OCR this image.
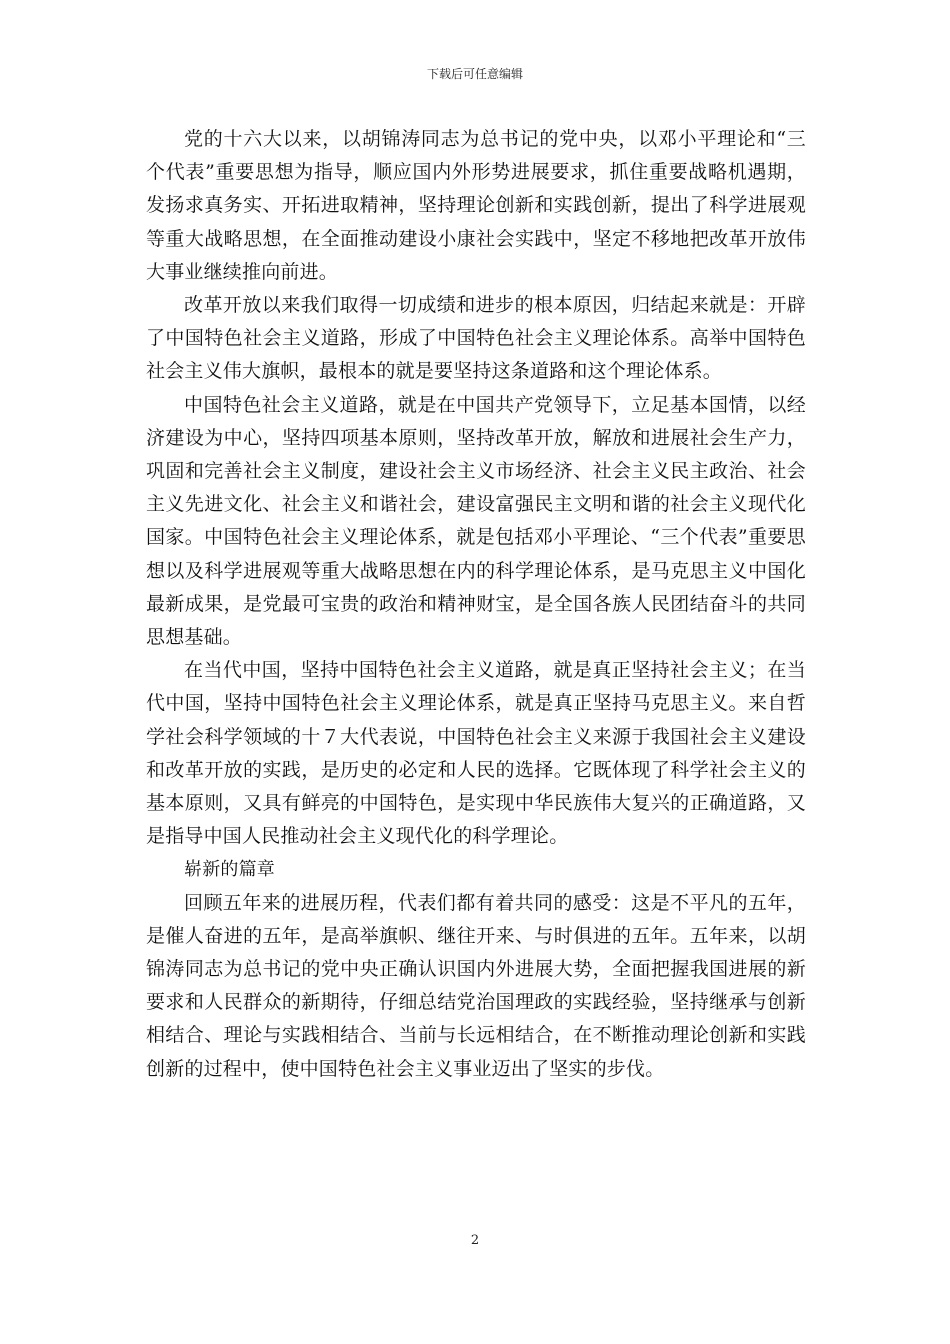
下载后可任意编辑

党的十六大以来，以胡锦涛同志为总书记的党中央，以邓小平理论和“三个代表”重要思想为指导，顺应国内外形势进展要求，抓住重要战略机遇期，发扬求真务实、开拓进取精神，坚持理论创新和实践创新，提出了科学进展观等重大战略思想，在全面推动建设小康社会实践中，坚定不移地把改革开放伟大事业继续推向前进。

改革开放以来我们取得一切成绩和进步的根本原因，归结起来就是：开辟了中国特色社会主义道路，形成了中国特色社会主义理论体系。高举中国特色社会主义伟大旗帜，最根本的就是要坚持这条道路和这个理论体系。

中国特色社会主义道路，就是在中国共产党领导下，立足基本国情，以经济建设为中心，坚持四项基本原则，坚持改革开放，解放和进展社会生产力，巩固和完善社会主义制度，建设社会主义市场经济、社会主义民主政治、社会主义先进文化、社会主义和谐社会，建设富强民主文明和谐的社会主义现代化国家。中国特色社会主义理论体系，就是包括邓小平理论、“三个代表”重要思想以及科学进展观等重大战略思想在内的科学理论体系，是马克思主义中国化最新成果，是党最可宝贵的政治和精神财宝，是全国各族人民团结奋斗的共同思想基础。

在当代中国，坚持中国特色社会主义道路，就是真正坚持社会主义；在当代中国，坚持中国特色社会主义理论体系，就是真正坚持马克思主义。来自哲学社会科学领域的十７大代表说，中国特色社会主义来源于我国社会主义建设和改革开放的实践，是历史的必定和人民的选择。它既体现了科学社会主义的基本原则，又具有鲜亮的中国特色，是实现中华民族伟大复兴的正确道路，又是指导中国人民推动社会主义现代化的科学理论。

崭新的篇章

回顾五年来的进展历程，代表们都有着共同的感受：这是不平凡的五年，是催人奋进的五年，是高举旗帜、继往开来、与时俱进的五年。五年来，以胡锦涛同志为总书记的党中央正确认识国内外进展大势，全面把握我国进展的新要求和人民群众的新期待，仔细总结党治国理政的实践经验，坚持继承与创新相结合、理论与实践相结合、当前与长远相结合，在不断推动理论创新和实践创新的过程中，使中国特色社会主义事业迈出了坚实的步伐。

2
